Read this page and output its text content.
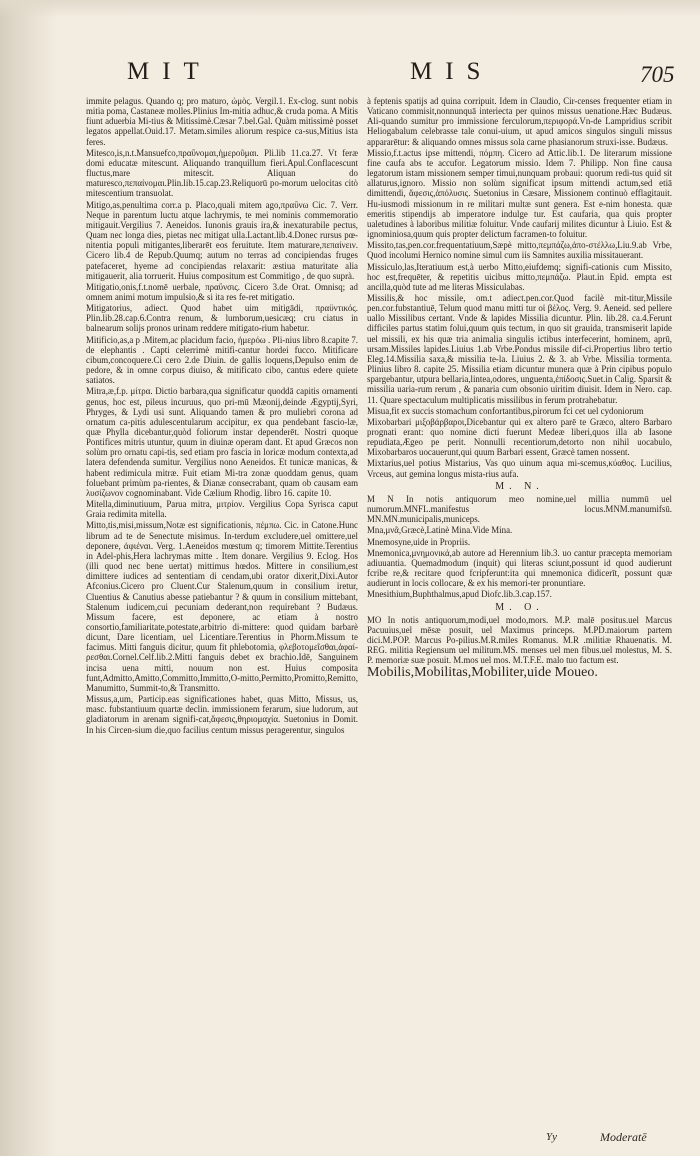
MIT	MIS	705

immite pelagus. Quando q; pro maturo, ὠμὸς. Vergil.1. Ex-clog. sunt nobis mitia poma, Castaneæ molles.Plinius Im-mitia adhuc,& cruda poma. A Mitis fiunt aduerbia Mi-tius & Mitissimè.Cæsar 7.bel.Gal. Quàm mitissimè posset legatos appellat.Ouid.17. Metam.similes aliorum respice ca-sus,Mitius ista feres.

Mitesco,is,n.t.Mansuefco,πραΰνομαι,ἡμεροῦμαι. Pli.lib 11.ca.27. Vt feræ domi educatæ mitescunt. Aliquando tranquillum fieri.Apul.Conflacescunt fluctus,mare mitescit. Aliquan do maturesco,πεπαίνομαι.Plin.lib.15.cap.23.Reliquorū po-morum uelocitas citò mitescentium transuolat.

Mitigo,as,penultima corr.a p. Placo,quali mitem ago,πραΰνω Cic. 7. Verr. Neque in parentum luctu atque lachrymis, te mei nominis commemoratio mitigauit.Vergilius 7. Aeneidos. Iunonis grauis ira,& inexaturabile pectus, Quam nec longa dies, pietas nec mitigat ulla.Lactant.lib.4.Donec rursus pœ-nitentia populi mitigantes,liberarēt eos feruitute. Item maturare,πεπαίνειν. Cicero lib.4 de Repub.Quumq; autum no terras ad concipiendas fruges patefaceret, hyeme ad concipiendas relaxarit: æstiua maturitate alia mitigauerit, alia torruerit. Huius compositum est Commitigo , de quo suprà.

Mitigatio,onis,f.t.nomē uerbale, πραΰνσις. Cicero 3.de Orat. Omnisq; ad omnem animi motum impulsio,& si ita res fe-ret mitigatio.

Mitigatorius, adiect. Quod habet uim mitigādi, πραϋντικός. Plin.lib.28.cap.6.Contra renum, & lumborum,uesicæq; cru ciatus in balnearum solijs pronos urinam reddere mitigato-rium habetur.

Mitificio,as,a p .Mitem,ac placidum facio, ἡμερόω . Pli-nius libro 8.capite 7. de elephantis . Capti celerrimè mitifi-cantur hordei fucco. Mitificare cibum,concoquere.Ci cero 2.de Diuin. de gallis loquens,Depulso enim de pedore, & in omne corpus diuiso, & mitificato cibo, cantus edere quiete satiatos.

Mitra,æ,f.p. μίτρα. Dictio barbara,qua significatur quoddā capitis ornamenti genus, hoc est, pileus incuruus, quo pri-mū Mæonij,deinde Ægyptij,Syri, Phryges, & Lydi usi sunt. Aliquando tamen & pro muliebri corona ad ornatum ca-pitis adulescentularum accipitur, ex qua pendebant fascio-læ, quæ Phylla dicebantur,quòd foliorum instar dependerēt. Nostri quoque Pontifices mitris utuntur, quum in diuinæ operam dant. Et apud Græcos non solùm pro ornatu capi-tis, sed etiam pro fascia in loricæ modum contexta,ad latera defendenda sumitur. Vergilius nono Aeneidos. Et tunicæ manicas, & habent redimicula mitræ. Fuit etiam Mi-tra zonæ quoddam genus, quam foluebant primùm pa-rientes, & Dianæ consecrabant, quam ob causam eam λυσίζωνον cognominabant. Vide Cælium Rhodig. libro 16. capite 10.

Mitella,diminutiuum, Parua mitra, μιτρίον. Vergilius Copa Syrisca caput Graia redimita mitella.

Mitto,tis,misi,missum,Notæ est significationis, πέμπω. Cic. in Catone.Hunc librum ad te de Senectute misimus. In-terdum excludere,uel omittere,uel deponere, ἀφιέναι. Verg. 1.Aeneidos mœstum q; timorem Mittite.Terentius in Adel-phis,Hera lachrymas mitte . Item donare. Vergilius 9. Eclog. Hos (illi quod nec bene uertat) mittimus hœdos. Mittere in consilium,est dimittere iudices ad sententiam di cendam,ubi orator dixerit,Dixi.Autor Afconius.Cicero pro Cluent.Cur Stalenum,quum in consilium iretur, Cluentius & Canutius abesse patiebantur ? & quum in consilium mittebant, Stalenum iudicem,cui pecuniam dederant,non requirebant ? Budæus. Missum facere, est deponere, ac etiam à nostro consortio,familiaritate,potestate,arbitrio di-mittere: quod quidam barbarè dicunt, Dare licentiam, uel Licentiare.Terentius in Phorm.Missum te facimus. Mitti fanguis dicitur, quum fit phlebotomia, φλεβοτομεῖσθαι,ἀφαί-ρεσθαι.Cornel.Celf.lib.2.Mitti fanguis debet ex brachio.Idē, Sanguinem incisa uena mitti, nouum non est. Huius composita funt,Admitto,Amitto,Committo,Immitto,O-mitto,Permitto,Promitto,Remitto, Manumitto, Summit-to,& Transmitto.

Missus,a,um, Particip.eas significationes habet, quas Mitto, Missus, us, masc. fubstantiuum quartæ declin. immissionem ferarum, siue ludorum, aut gladiatorum in arenam signifi-cat,ἄφεσις,θηριομαχία. Suetonius in Domit. In his Circen-sium die,quo facilius centum missus peragerentur, singulos

à feptenis spatijs ad quina corripuit. Idem in Claudio, Cir-censes frequenter etiam in Vaticano commisit,nonnunquā interiecta per quinos missus uenatione.Hæc Budæus. Ali-quando sumitur pro immissione ferculorum,περιφορά.Vn-de Lampridius scribit Heliogabalum celebrasse tale conui-uium, ut apud amicos singulos singuli missus appararētur: & aliquando omnes missus sola carne phasianorum struxi-isse. Budæus.

Missio,f.t.actus ipse mittendi, πόμπη. Cicero ad Attic.lib.1. De literarum missione fine caufa abs te accufor. Legatorum missio. Idem 7. Philipp. Non fine causa legatorum istam missionem semper timui,nunquam probaui: quorum redi-tus quid sit allaturus,ignoro. Missio non solùm significat ipsum mittendi actum,sed etiā dimittendi, ἄφεσις,ἀπόλυσις. Suetonius in Cæsare, Missionem continuò efflagitauit. Hu-iusmodi missionum in re militari multæ sunt genera. Est e-nim honesta. quæ emeritis stipendijs ab imperatore indulge tur. Est caufaria, qua quis propter ualetudines à laboribus militiæ foluitur. Vnde caufarij milites dicuntur à Liuio. Est & ignominiosa,quum quis propter delictum facramen-to foluitur.

Missito,tas,pen.cor.frequentatiuum,Sæpè mitto,πεμπάζω,ἀπο-στέλλω,Liu.9.ab Vrbe, Quod incolumi Hernico nomine simul cum iis Samnites auxilia missitauerant.

Missiculo,las,Iteratiuum est,à uerbo Mitto,eiufdemq; signifi-cationis cum Missito, hoc est,frequēter, & repetitis uicibus mitto,πεμπάζω. Plaut.in Epid. empta est ancilla,quòd tute ad me literas Missiculabas.

Missilis,& hoc missile, om.t adiect.pen.cor.Quod facilè mit-titur,Missile pen.cor.fubstantiuē, Telum quod manu mitti tur οἱ βέλος. Verg. 9. Aeneid. sed pellere uallo Missilibus certant. Vnde & lapides Missilia dicuntur. Plin. lib.28. ca.4.Ferunt difficiles partus statim folui,quum quis tectum, in quo sit grauida, transmiserit lapide uel missili, ex his quæ tria animalia singulis ictibus interfecerint, hominem, aprū, ursam.Missiles lapides.Liuius 1.ab Vrbe.Pondus missile dif-ci.Propertius libro tertio Eleg.14.Missilia saxa,& missilia te-la. Liuius 2. & 3. ab Vrbe. Missilia tormenta. Plinius libro 8. capite 25. Missilia etiam dicuntur munera quæ à Prin cipibus populo spargebantur, utpura bellaria,lintea,odores, unguenta,ἐπίδοσις.Suet.in Calig. Sparsit & missilia uaria-rum rerum , & panaria cum obsonio uiritim diuisit. Idem in Nero. cap. 11. Quare spectaculum multiplicatis missilibus in ferum protrahebatur.

Misua,fit ex succis stomachum confortantibus,pirorum fci cet uel cydoniorum

Mixobarbari μιξοβάρβαροι,Dicebantur qui ex altero parē te Græco, altero Barbaro prognati erant: quo nomine dicti fuerunt Medeæ liberi,quos illa ab Iasone repudiata,Ægeo pe perit. Nonnulli recentiorum,detorto non nihil uocabulo, Mixobarbaros uocauerunt,qui quum Barbari essent, Græcè tamen nossent.

Mixtarius,uel potius Mistarius, Vas quo uinum aqua mi-scemus,κύαθος. Lucilius, Vrceus, aut gemina longus mista-rius aufa.

M. N.

M N In notis antiquorum meo nomine,uel millia nummū uel numorum.MNFL.manifestus locus.MNM.manumifsū. MN.MN.municipalis,municeps.

Mna,μνᾶ,Græcè,Latinè Mina.Vide Mina.

Mnemosyne,uide in Propriis.

Mnemonica,μνημονικά,ab autore ad Herennium lib.3. uo cantur præcepta memoriam adiuuantia. Quemadmodum (inquit) qui literas sciunt,possunt id quod audierunt fcribe re,& recitare quod fcripferunt:ita qui mnemonica didicerīt, possunt quæ audierunt in locis collocare, & ex his memori-ter pronuntiare.

Mnesithium,Buphthalmus,apud Diofc.lib.3.cap.157.

M. O.

MO In notis antiquorum,modi,uel modo,mors. M.P. malē positus.uel Marcus Pacuuius,uel mēsæ posuit, uel Maximus princeps. M.PD.maiorum partem dici.M.POP. Marcus Po-pilius.M.R.miles Romanus. M.R .militiæ Rhauenatis. M. REG. militia Regiensum uel militum.MS. menses uel men fibus.uel molestus, M. S. P. memoriæ suæ posuit. M.mos uel mos. M.T.F.E. malo tuo factum est.

Mobilis,Mobilitas,Mobiliter,uide Moueo.

Yy	Moderatē
